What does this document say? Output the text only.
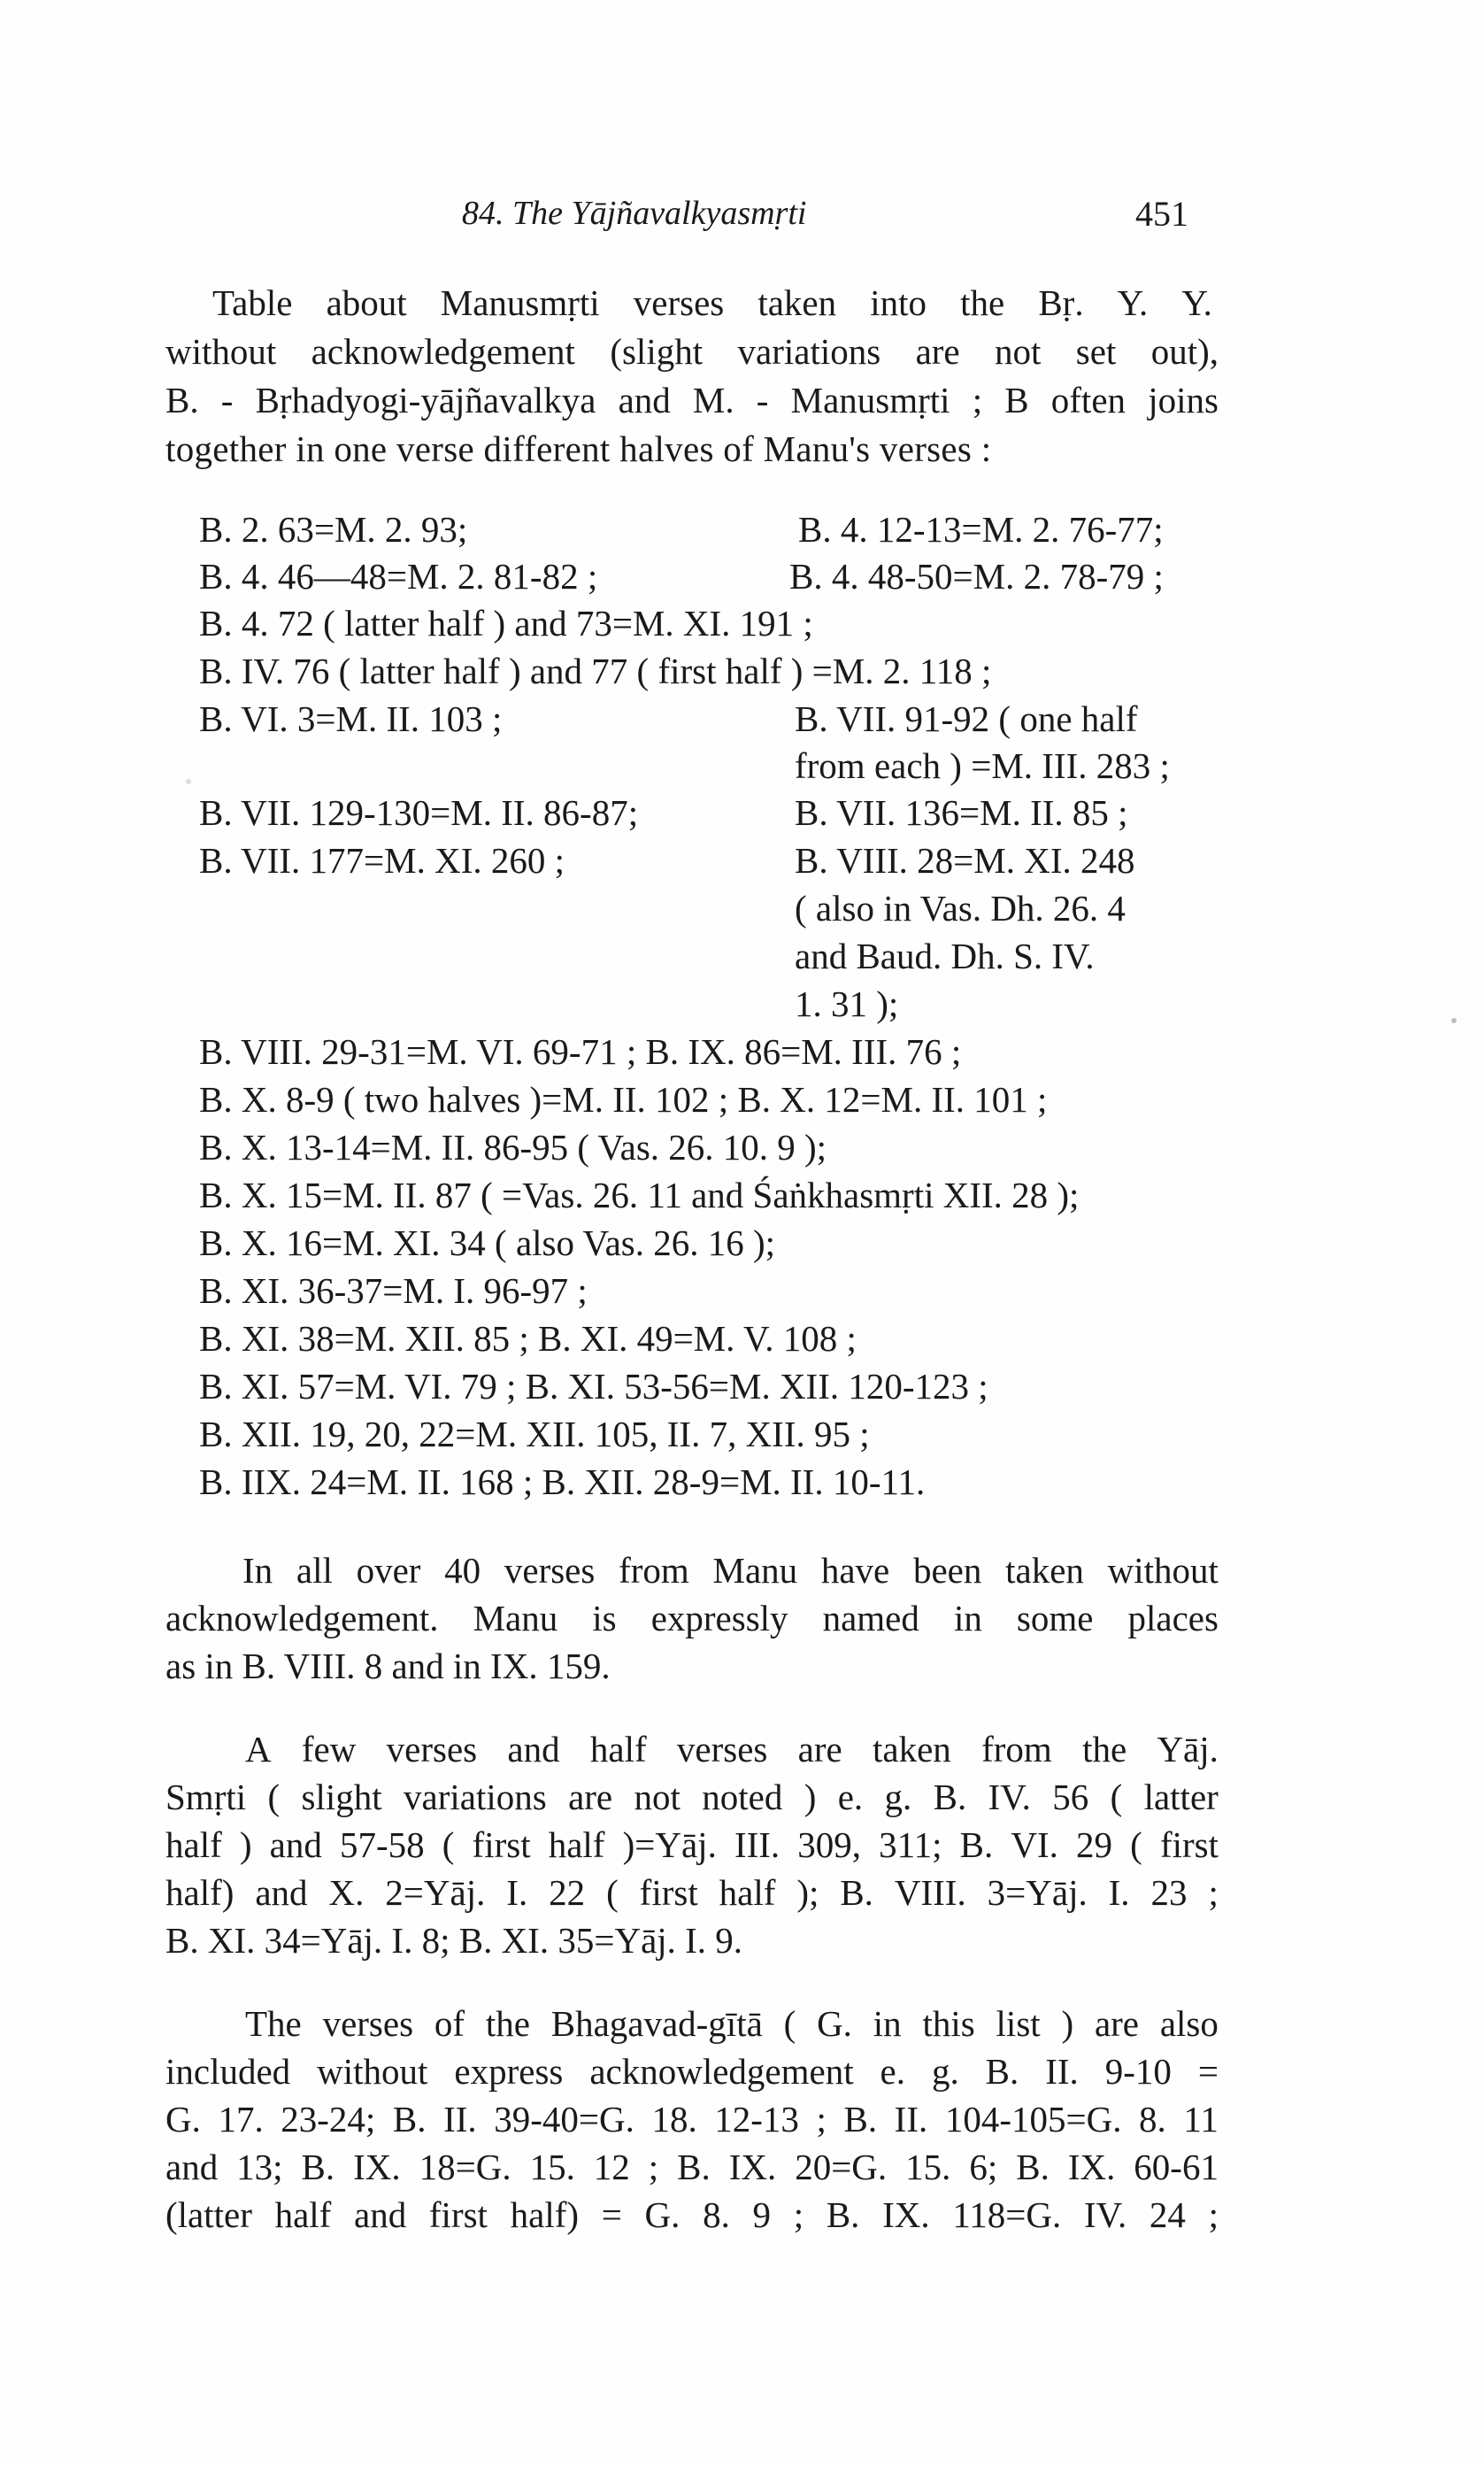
84. The Yājñavalkyasmṛti	451
Table about Manusmṛti verses taken into the Bṛ. Y. Y.
without acknowledgement (slight variations are not set out),
B. - Bṛhadyogi-yājñavalkya and M. - Manusmṛti ; B often joins
together in one verse different halves of Manu's verses :
B. 2. 63=M. 2. 93;	B. 4. 12-13=M. 2. 76-77;
B. 4. 46—48=M. 2. 81-82 ;	B. 4. 48-50=M. 2. 78-79 ;
B. 4. 72 ( latter half ) and 73=M. XI. 191 ;
B. IV. 76 ( latter half ) and 77 ( first half ) =M. 2. 118 ;
B. VI. 3=M. II. 103 ;	B. VII. 91-92 ( one half
from each ) =M. III. 283 ;
B. VII. 129-130=M. II. 86-87;	B. VII. 136=M. II. 85 ;
B. VII. 177=M. XI. 260 ;	B. VIII. 28=M. XI. 248
( also in Vas. Dh. 26. 4
and Baud. Dh. S. IV.
1. 31 );
B. VIII. 29-31=M. VI. 69-71 ; B. IX. 86=M. III. 76 ;
B. X. 8-9 ( two halves )=M. II. 102 ; B. X. 12=M. II. 101 ;
B. X. 13-14=M. II. 86-95 ( Vas. 26. 10. 9 );
B. X. 15=M. II. 87 ( =Vas. 26. 11 and Śaṅkhasmṛti XII. 28 );
B. X. 16=M. XI. 34 ( also Vas. 26. 16 );
B. XI. 36-37=M. I. 96-97 ;
B. XI. 38=M. XII. 85 ; B. XI. 49=M. V. 108 ;
B. XI. 57=M. VI. 79 ; B. XI. 53-56=M. XII. 120-123 ;
B. XII. 19, 20, 22=M. XII. 105, II. 7, XII. 95 ;
B. IIX. 24=M. II. 168 ; B. XII. 28-9=M. II. 10-11.
In all over 40 verses from Manu have been taken without
acknowledgement. Manu is expressly named in some places
as in B. VIII. 8 and in IX. 159.
A few verses and half verses are taken from the Yāj.
Smṛti ( slight variations are not noted ) e. g. B. IV. 56 ( latter
half ) and 57-58 ( first half )=Yāj. III. 309, 311; B. VI. 29 ( first
half) and X. 2=Yāj. I. 22 ( first half ); B. VIII. 3=Yāj. I. 23 ;
B. XI. 34=Yāj. I. 8; B. XI. 35=Yāj. I. 9.
The verses of the Bhagavad-gītā ( G. in this list ) are also
included without express acknowledgement e. g. B. II. 9-10 =
G. 17. 23-24; B. II. 39-40=G. 18. 12-13 ; B. II. 104-105=G. 8. 11
and 13; B. IX. 18=G. 15. 12 ; B. IX. 20=G. 15. 6; B. IX. 60-61
(latter half and first half) = G. 8. 9 ; B. IX. 118=G. IV. 24 ;
